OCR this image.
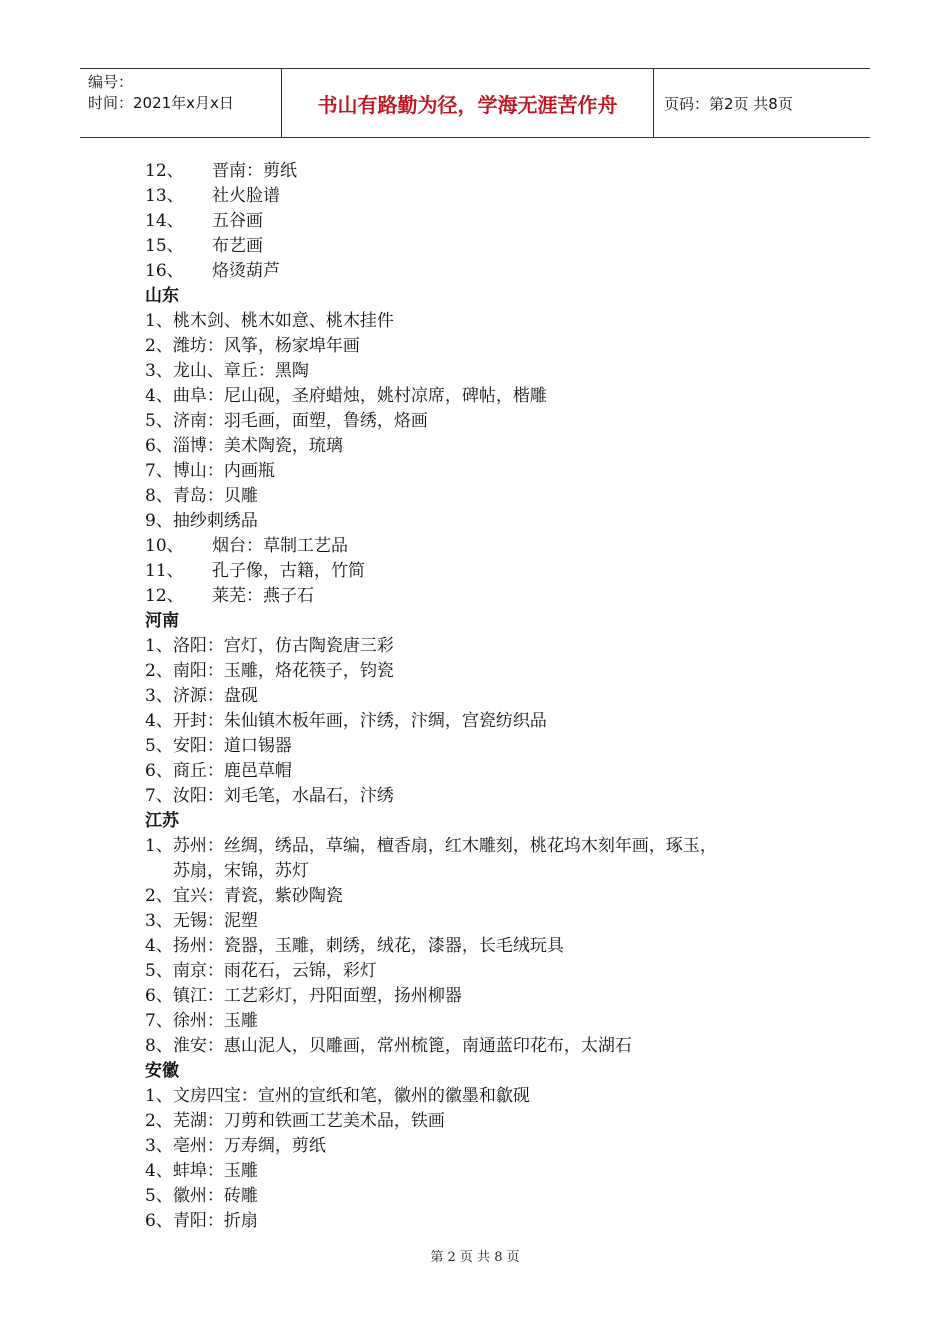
编号：
时间：2021年x月x日	书山有路勤为径，学海无涯苦作舟	页码：第2页 共8页
12、 晋南：剪纸
13、 社火脸谱
14、 五谷画
15、 布艺画
16、 烙烫葫芦
山东
1、桃木剑、桃木如意、桃木挂件
2、潍坊：风筝，杨家埠年画
3、龙山、章丘：黑陶
4、曲阜：尼山砚，圣府蜡烛，姚村凉席，碑帖，楷雕
5、济南：羽毛画，面塑，鲁绣，烙画
6、淄博：美术陶瓷，琉璃
7、博山：内画瓶
8、青岛：贝雕
9、抽纱刺绣品
10、 烟台：草制工艺品
11、 孔子像，古籍，竹简
12、 莱芜：燕子石
河南
1、洛阳：宫灯，仿古陶瓷唐三彩
2、南阳：玉雕，烙花筷子，钧瓷
3、济源：盘砚
4、开封：朱仙镇木板年画，汴绣，汴绸，宫瓷纺织品
5、安阳：道口锡器
6、商丘：鹿邑草帽
7、汝阳：刘毛笔，水晶石，汴绣
江苏
1、苏州：丝绸，绣品，草编，檀香扇，红木雕刻，桃花坞木刻年画，琢玉，
苏扇，宋锦，苏灯
2、宜兴：青瓷，紫砂陶瓷
3、无锡：泥塑
4、扬州：瓷器，玉雕，刺绣，绒花，漆器，长毛绒玩具
5、南京：雨花石，云锦，彩灯
6、镇江：工艺彩灯，丹阳面塑，扬州柳器
7、徐州：玉雕
8、淮安：惠山泥人，贝雕画，常州梳篦，南通蓝印花布，太湖石
安徽
1、文房四宝：宣州的宣纸和笔，徽州的徽墨和歙砚
2、芜湖：刀剪和铁画工艺美术品，铁画
3、亳州：万寿绸，剪纸
4、蚌埠：玉雕
5、徽州：砖雕
6、青阳：折扇
第 2 页 共 8 页
